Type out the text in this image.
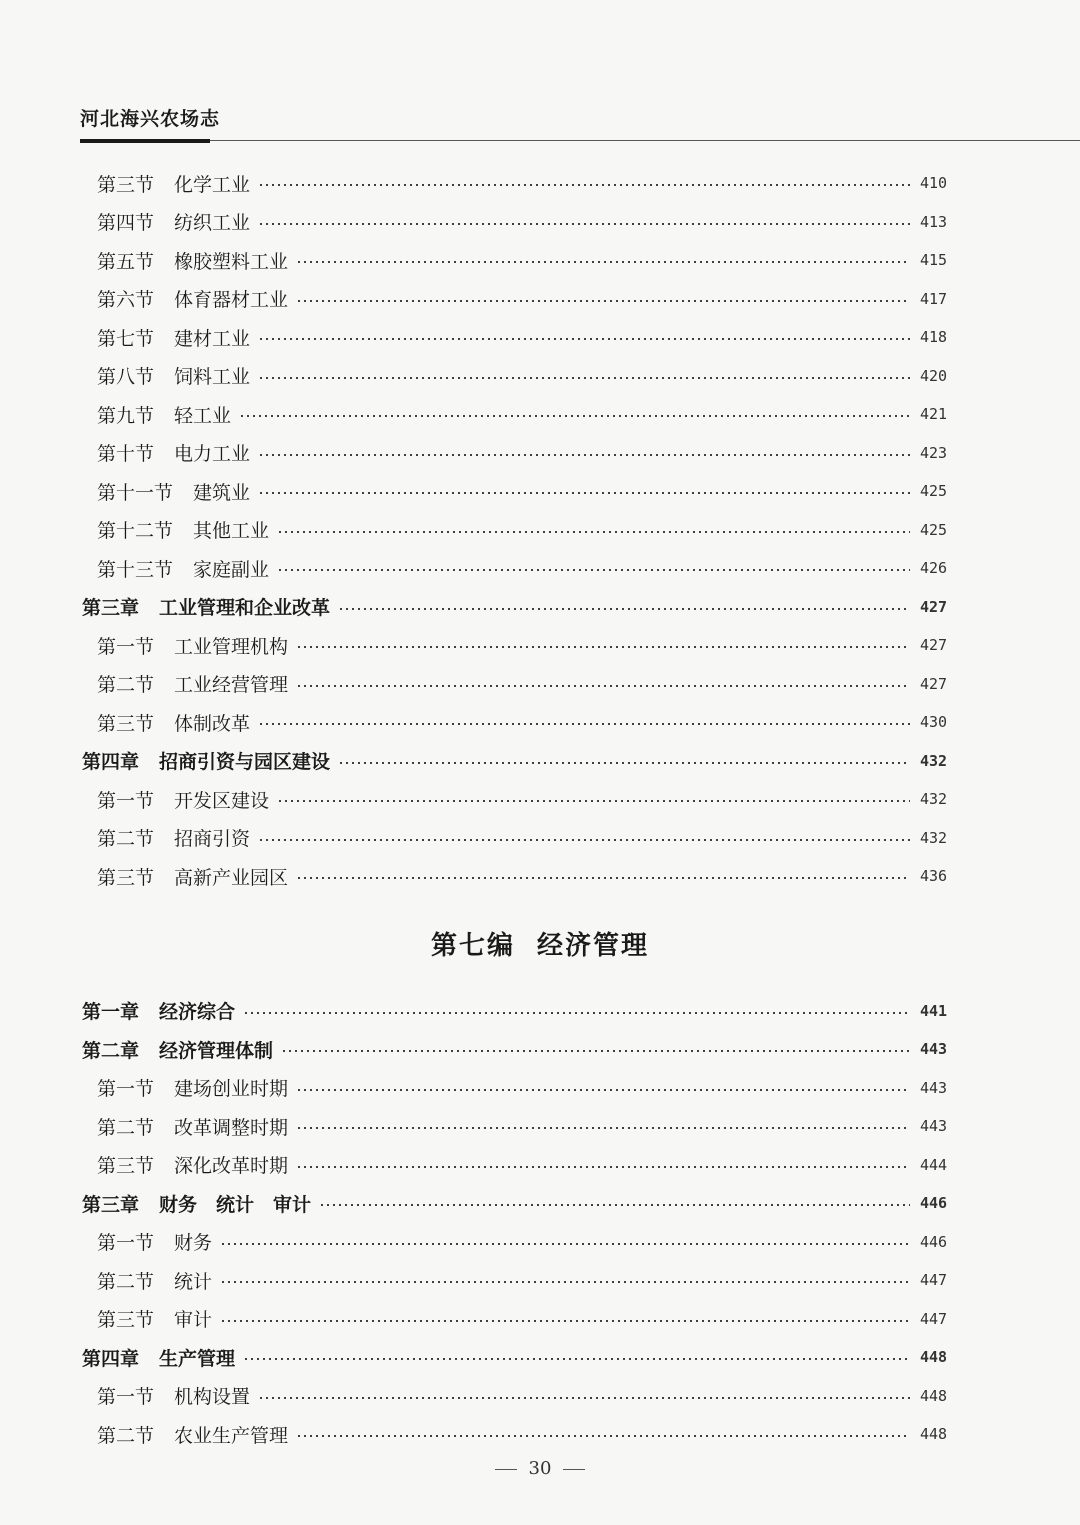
河北海兴农场志
第三节 化学工业	410
第四节 纺织工业	413
第五节 橡胶塑料工业	415
第六节 体育器材工业	417
第七节 建材工业	418
第八节 饲料工业	420
第九节 轻工业	421
第十节 电力工业	423
第十一节 建筑业	425
第十二节 其他工业	425
第十三节 家庭副业	426
第三章 工业管理和企业改革	427
第一节 工业管理机构	427
第二节 工业经营管理	427
第三节 体制改革	430
第四章 招商引资与园区建设	432
第一节 开发区建设	432
第二节 招商引资	432
第三节 高新产业园区	436
第七编 经济管理
第一章 经济综合	441
第二章 经济管理体制	443
第一节 建场创业时期	443
第二节 改革调整时期	443
第三节 深化改革时期	444
第三章 财务　统计　审计	446
第一节 财务	446
第二节 统计	447
第三节 审计	447
第四章 生产管理	448
第一节 机构设置	448
第二节 农业生产管理	448
30
